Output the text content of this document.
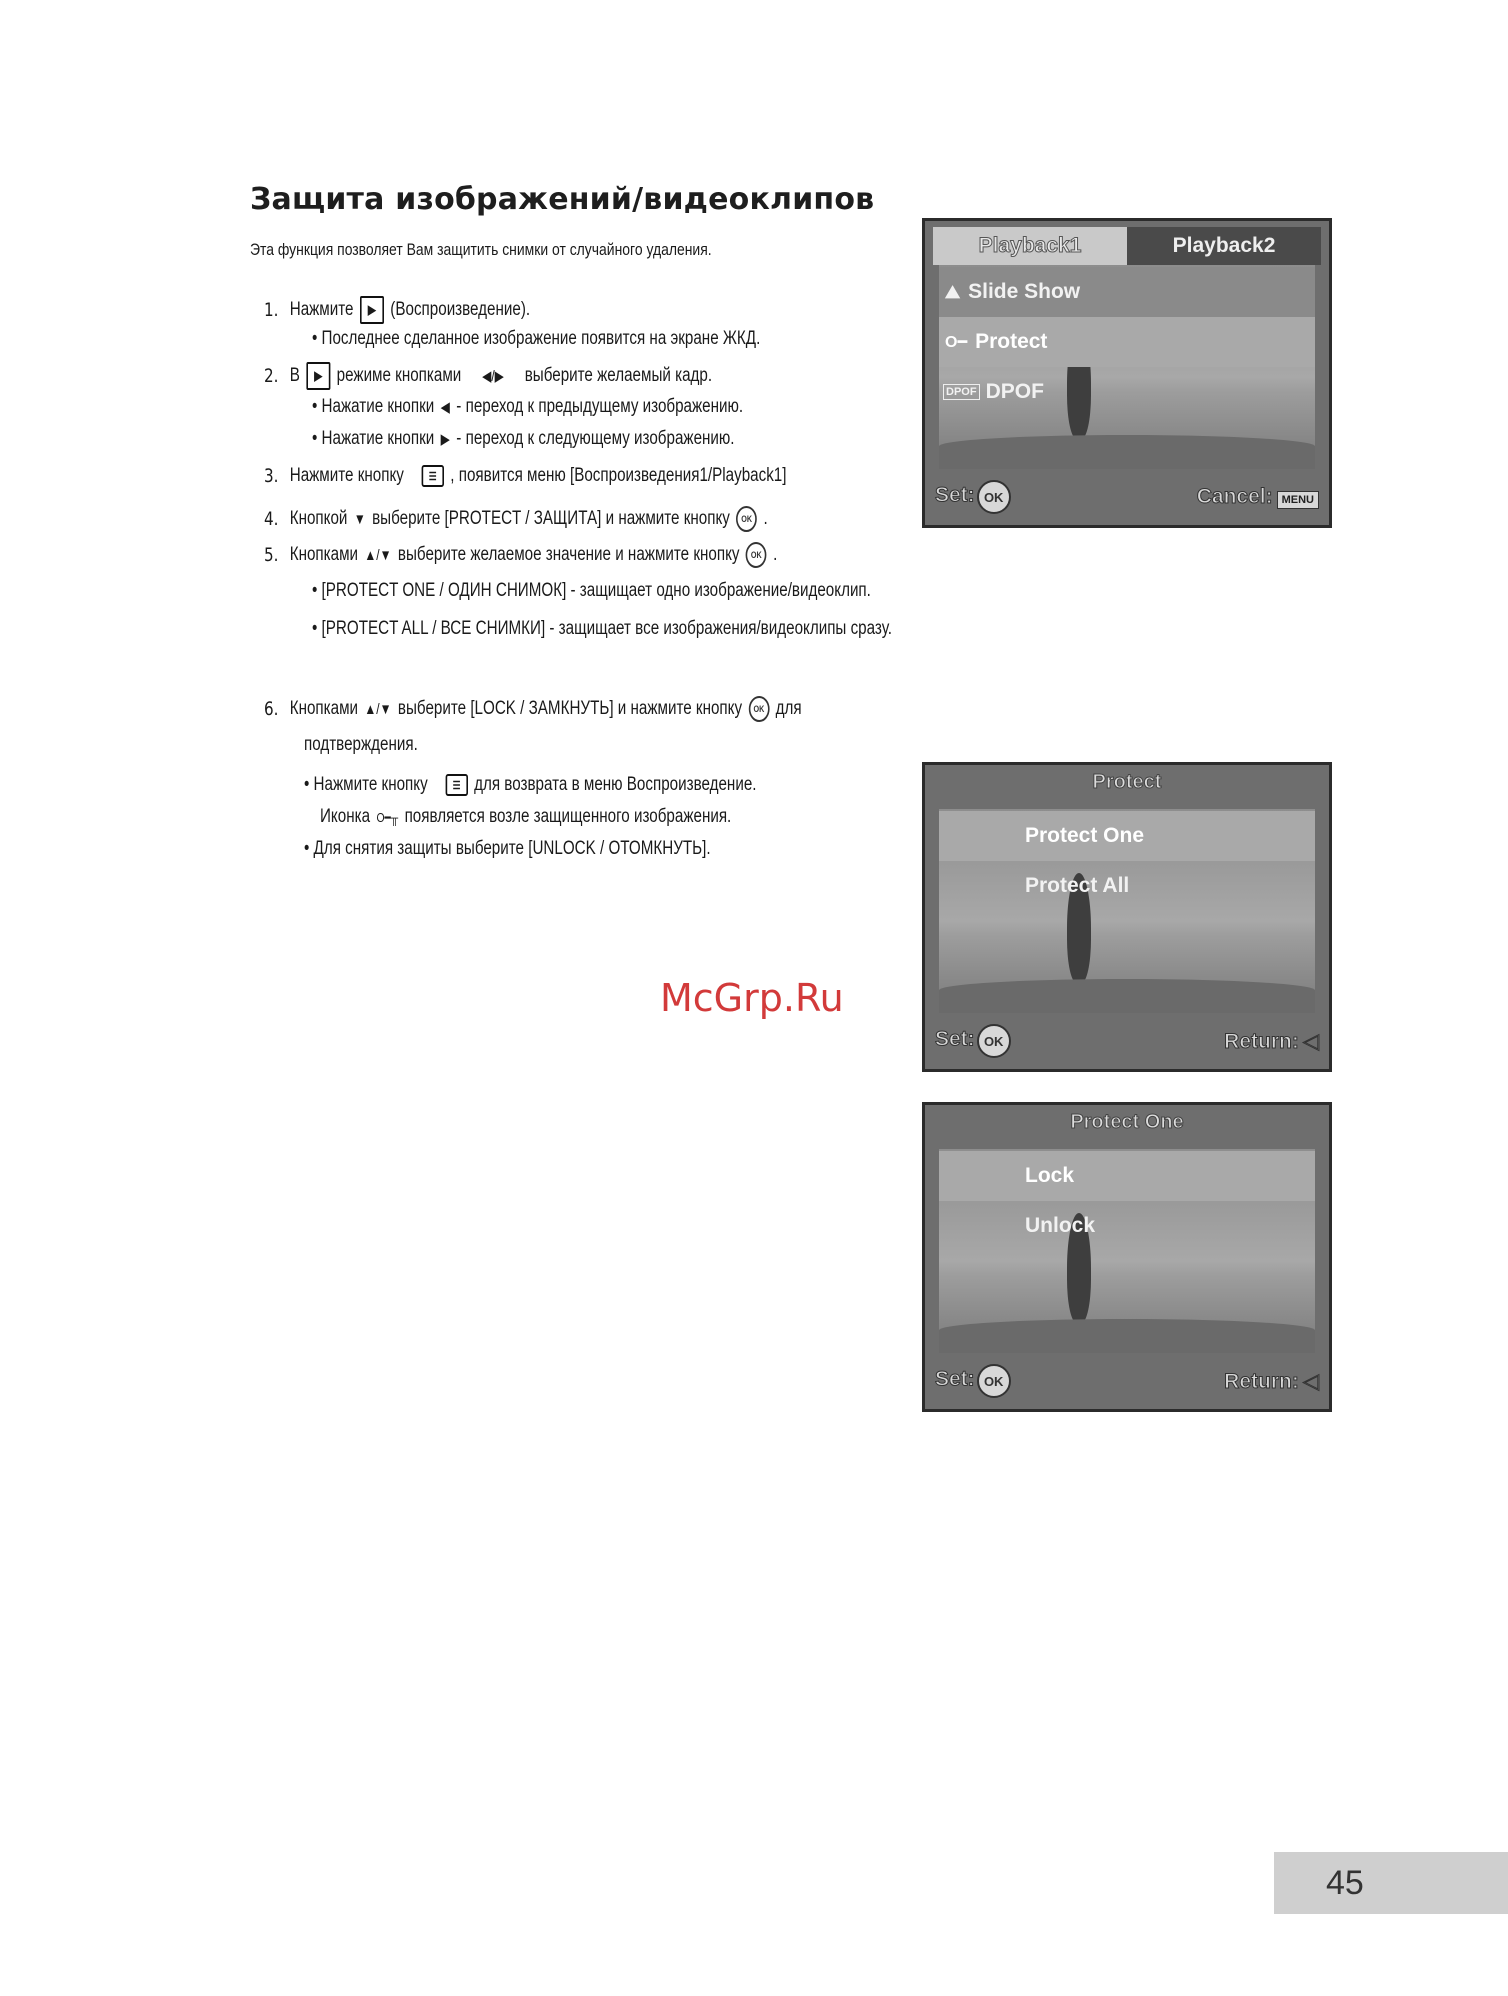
Защита изображений/видеоклипов
Эта функция позволяет Вам защитить снимки от случайного удаления.
1. Нажмите	▶ (Воспроизведение).
• Последнее сделанное изображение появится на экране ЖКД.
2. В	▶ режиме кнопками ◀/▶ выберите желаемый кадр.
• Нажатие кнопки ◀ - переход к предыдущему изображению.
• Нажатие кнопки ▶ - переход к следующему изображению.
3. Нажмите кнопку	☰ , появится меню [Воспроизведения1/Playback1]
4. Кнопкой ▼ выберите [PROTECT / ЗАЩИТА] и нажмите кнопку	OK .
5. Кнопками ▲/▼ выберите желаемое значение и нажмите кнопку	OK .
• [PROTECT ONE / ОДИН СНИМОК] - защищает одно изображение/видеоклип.
• [PROTECT ALL / ВСЕ СНИМКИ] - защищает все изображения/видеоклипы сразу.
6. Кнопками ▲/▼ выберите [LOCK / ЗАМКНУТЬ] и нажмите кнопку	OK для
подтверждения.
• Нажмите кнопку	☰ для возврата в меню Воспроизведение.
Иконка O━╥ появляется возле защищенного изображения.
• Для снятия защиты выберите [UNLOCK / ОТОМКНУТЬ].
Playback1	Playback2
⛰ Slide Show
O━ Protect
DPOF DPOF
Set: OK	Cancel: MENU
Protect
Protect One
Protect All
Set: OK	Return: ◁
Protect One
Lock
Unlock
Set: OK	Return: ◁
McGrp.Ru
45
